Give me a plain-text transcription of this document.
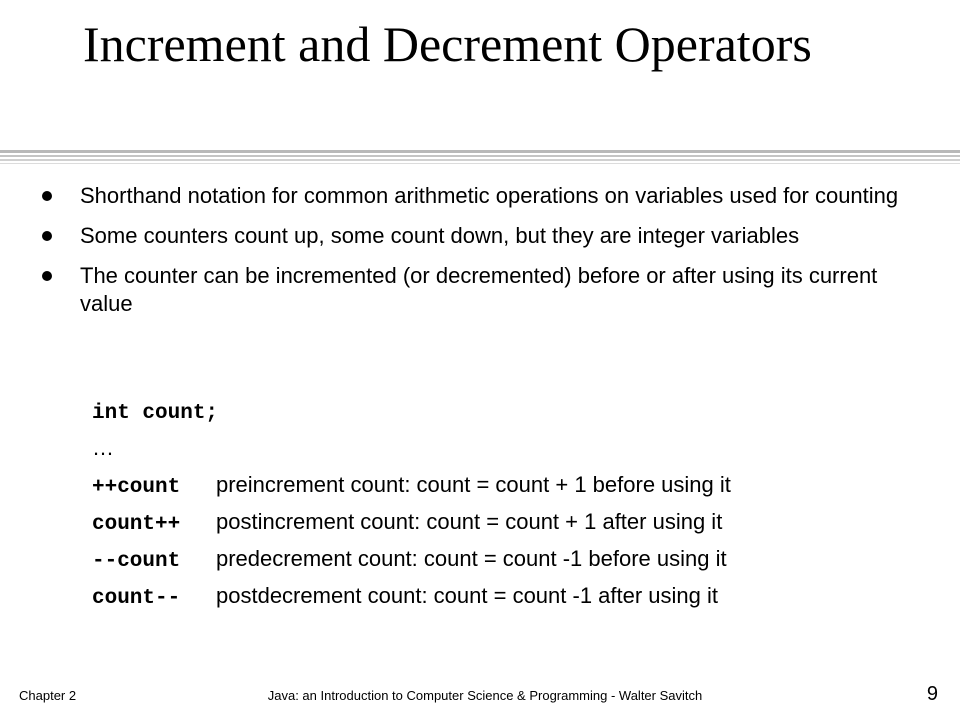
Increment and Decrement Operators
Shorthand notation for common arithmetic operations on variables used for counting
Some counters count up, some count down, but they are integer variables
The counter can be incremented (or decremented) before or after using its current value
int count;
…
++count preincrement count: count = count + 1 before using it
count++ postincrement count: count = count + 1 after using it
--count predecrement count: count = count -1 before using it
count-- postdecrement count: count = count -1 after using it
Chapter 2	Java: an Introduction to Computer Science & Programming - Walter Savitch	9
